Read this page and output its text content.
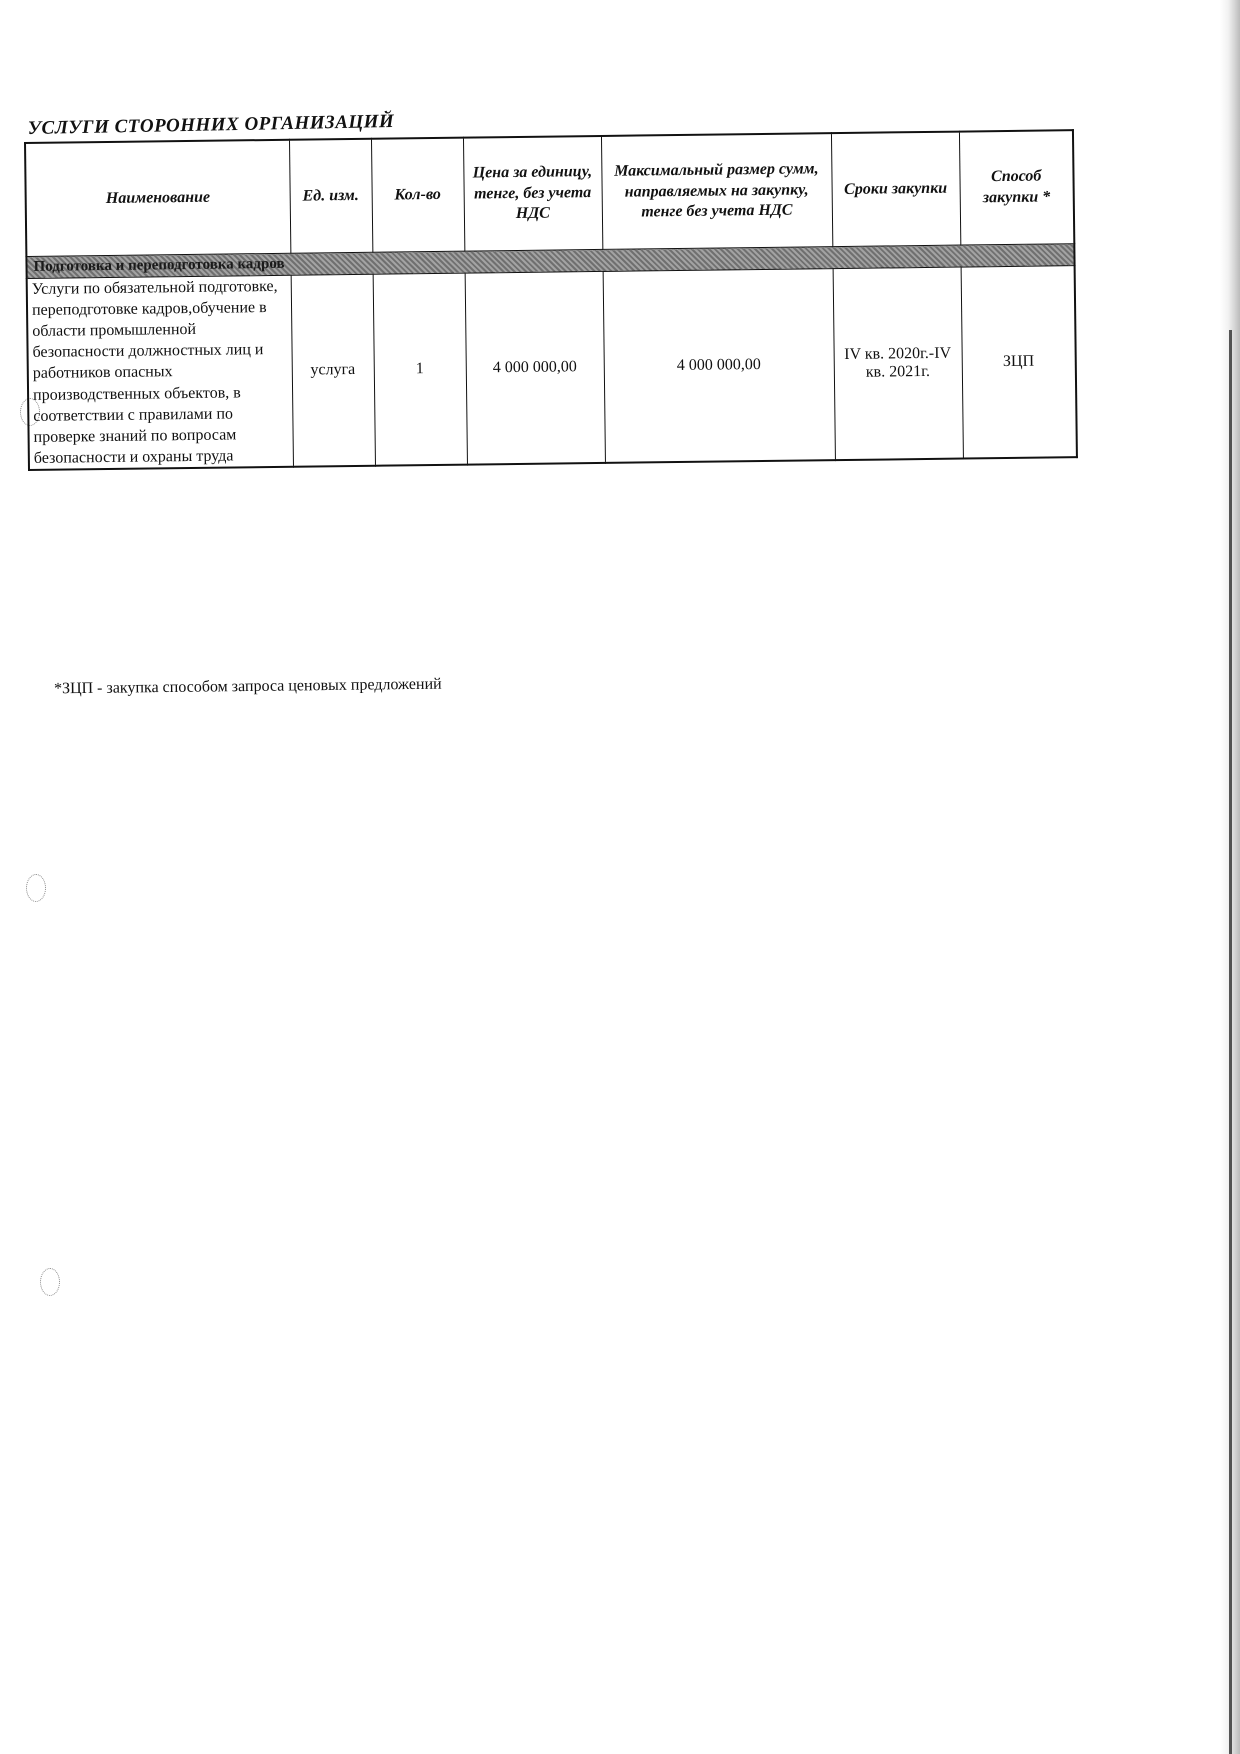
УСЛУГИ СТОРОННИХ ОРГАНИЗАЦИЙ
Наименование	Ед. изм.	Кол-во	Цена за единицу, тенге, без учета НДС	Максимальный размер сумм, направляемых на закупку, тенге без учета НДС	Сроки закупки	Способ закупки *
Подготовка и переподготовка кадров						
Услуги по обязательной подготовке, переподготовке кадров,обучение в области промышленной безопасности должностных лиц и работников опасных производственных объектов, в соответствии с правилами по проверке знаний по вопросам безопасности и охраны труда	услуга	1	4 000 000,00	4 000 000,00	IV кв. 2020г.-IV кв. 2021г.	ЗЦП
*ЗЦП - закупка способом запроса ценовых предложений
